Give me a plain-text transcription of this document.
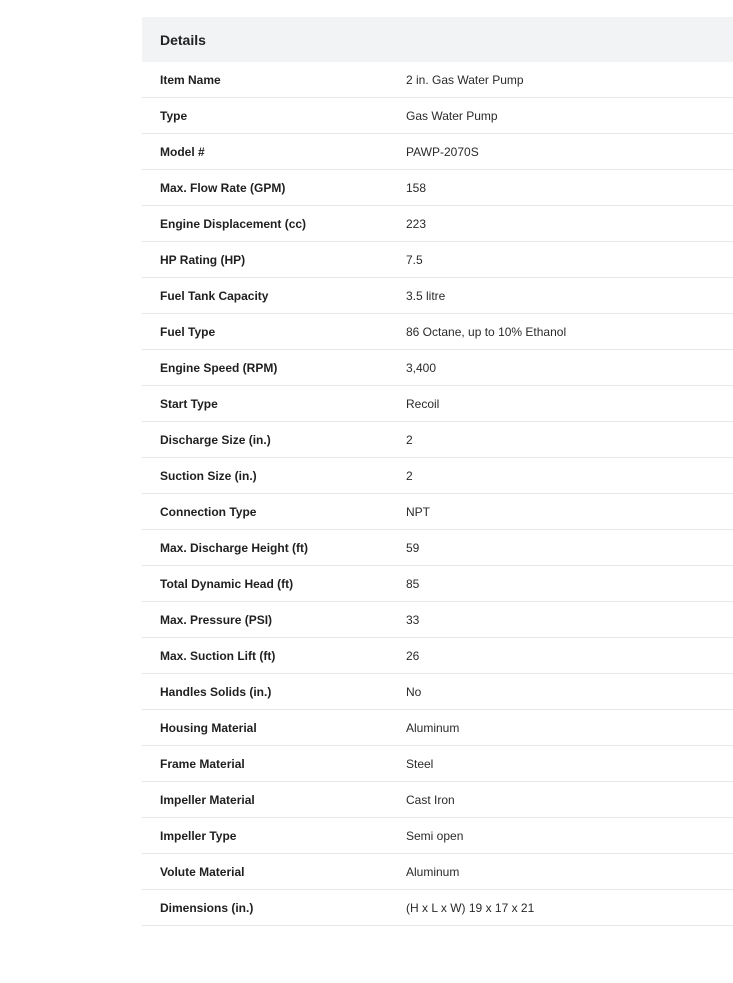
Details
Item Name	2 in. Gas Water Pump
Type	Gas Water Pump
Model #	PAWP-2070S
Max. Flow Rate (GPM)	158
Engine Displacement (cc)	223
HP Rating (HP)	7.5
Fuel Tank Capacity	3.5 litre
Fuel Type	86 Octane, up to 10% Ethanol
Engine Speed (RPM)	3,400
Start Type	Recoil
Discharge Size (in.)	2
Suction Size (in.)	2
Connection Type	NPT
Max. Discharge Height (ft)	59
Total Dynamic Head (ft)	85
Max. Pressure (PSI)	33
Max. Suction Lift (ft)	26
Handles Solids (in.)	No
Housing Material	Aluminum
Frame Material	Steel
Impeller Material	Cast Iron
Impeller Type	Semi open
Volute Material	Aluminum
Dimensions (in.)	(H x L x W) 19 x 17 x 21
